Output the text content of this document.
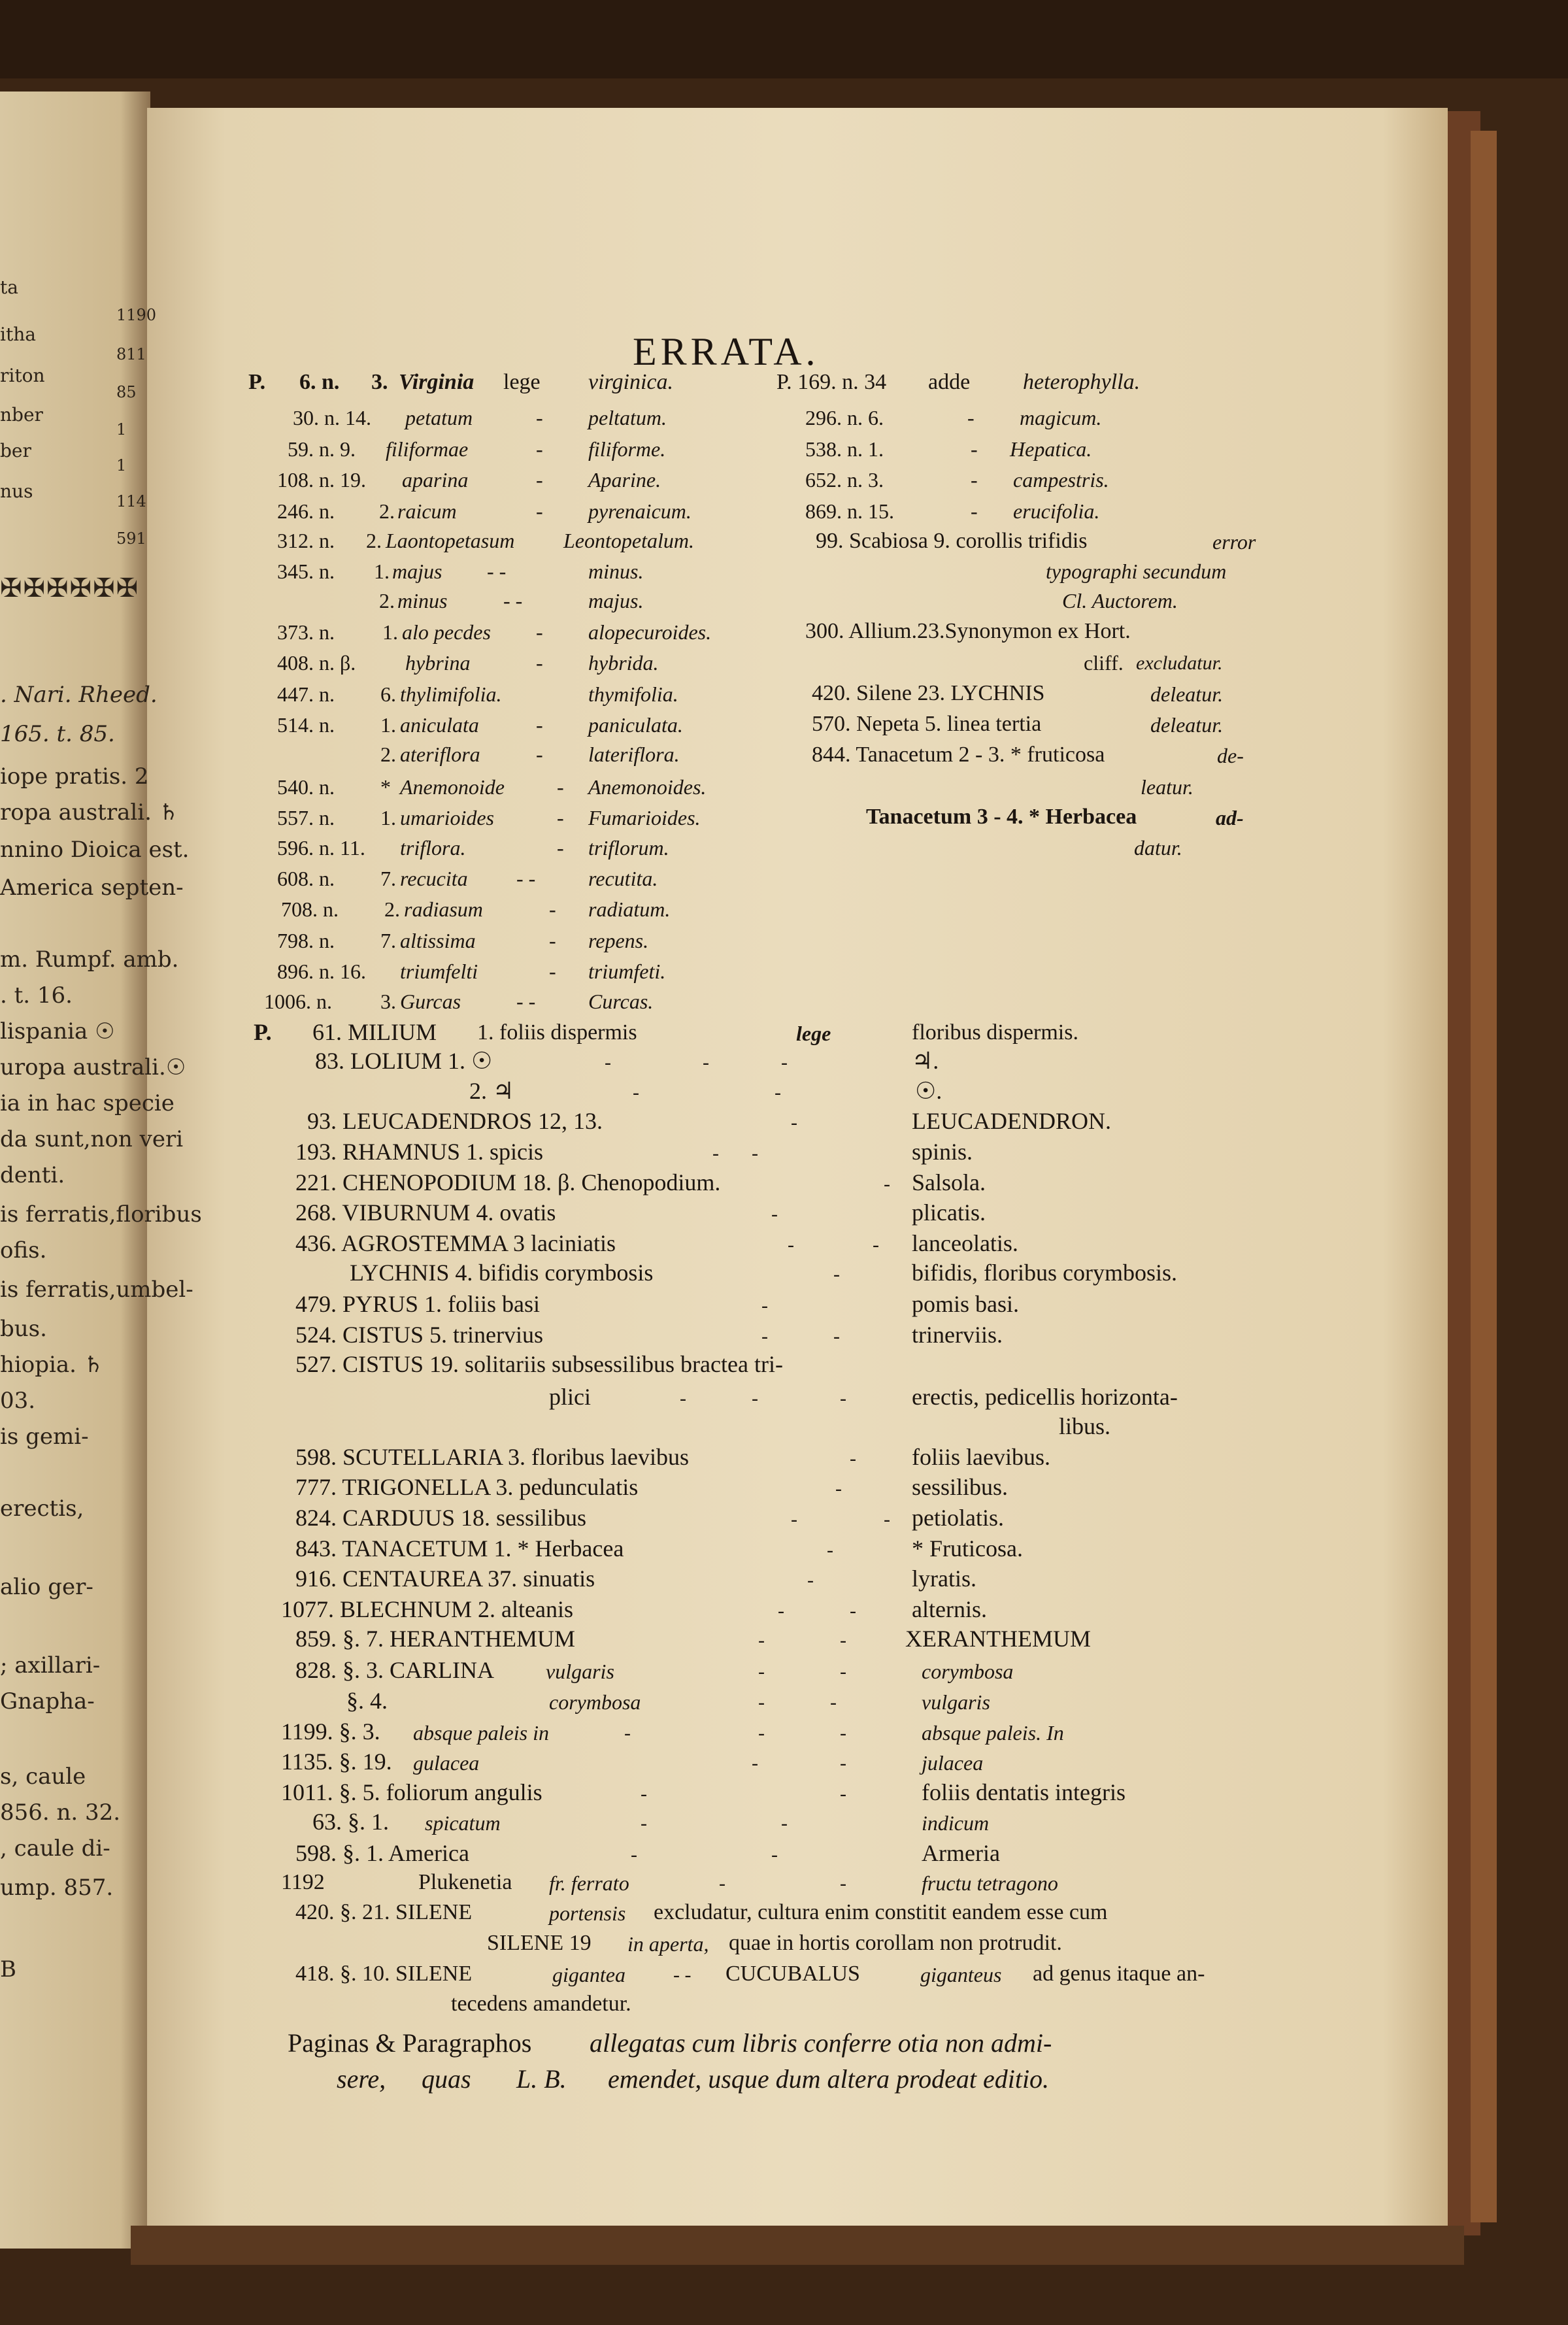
ta
itha
riton
nber
ber
nus
1190
811
85
1
1
114
591
✠✠✠✠✠✠
. Nari. Rheed.
165. t. 85.
iope pratis. 2
ropa australi. ♄
nnino Dioica est.
America septen-
m. Rumpf. amb.
. t. 16.
lispania ☉
uropa australi.☉
ia in hac specie
da sunt,non veri
denti.
is ferratis,floribus
ofis.
is ferratis,umbel-
bus.
hiopia. ♄
03.
is gemi-
erectis,
alio ger-
; axillari-
Gnapha-
s, caule
856. n. 32.
, caule di-
ump. 857.
B
ERRATA.
P. 6. n. 3. Virginia lege virginica.
30. n. 14. petatum	- peltatum.
59. n. 9. filiformae	- filiforme.
108. n. 19. aparina	- Aparine.
246. n. 2. raicum	- pyrenaicum.
312. n. 2. Laontopetasum Leontopetalum.
345. n. 1. majus - -	minus.
2. minus	- -	majus.
373. n. 1. alo pecdes - alopecuroides.
408. n. β. hybrina	- hybrida.
447. n. 6. thylimifolia.	thymifolia.
514. n. 1. aniculata	- paniculata.
2. ateriflora	- lateriflora.
540. n. * Anemonoide	- Anemonoides.
557. n. 1. umarioides	- Fumarioides.
596. n. 11. triflora.	- triflorum.
608. n. 7. recucita - -	recutita.
708. n. 2. radiasum	- radiatum.
798. n. 7. altissima	- repens.
896. n. 16. triumfelti	- triumfeti.
1006. n. 3. Gurcas	- -	Curcas.
P. 169. n. 34 adde heterophylla.
296. n. 6.	- magicum.
538. n. 1.	- Hepatica.
652. n. 3.	- campestris.
869. n. 15.	- erucifolia.
99. Scabiosa 9. corollis trifidis	error
typographi secundum
Cl. Auctorem.
300. Allium.23.Synonymon ex Hort.
cliff. excludatur.
420. Silene 23. LYCHNIS	deleatur.
570. Nepeta 5. linea tertia	deleatur.
844. Tanacetum 2 - 3. * fruticosa	de-
leatur.
Tanacetum 3 - 4. * Herbacea	ad-
datur.
P. 61. MILIUM 1. foliis dispermis	lege	floribus dispermis.
83. LOLIUM 1. ☉	-	-	-	♃.
2. ♃	-	-	☉.
93. LEUCADENDROS 12, 13.	-	LEUCADENDRON.
193. RHAMNUS 1. spicis	- -	spinis.
221. CHENOPODIUM 18. β. Chenopodium.	- Salsola.
268. VIBURNUM 4. ovatis	-	plicatis.
436. AGROSTEMMA 3 laciniatis	-	- lanceolatis.
LYCHNIS 4. bifidis corymbosis	-	bifidis, floribus corymbosis.
479. PYRUS 1. foliis basi	-	pomis basi.
524. CISTUS 5. trinervius	-	-	trinerviis.
527. CISTUS 19. solitariis subsessilibus bractea tri-
plici	-	-	-	erectis, pedicellis horizonta-
libus.
598. SCUTELLARIA 3. floribus laevibus	- foliis laevibus.
777. TRIGONELLA 3. pedunculatis	-	sessilibus.
824. CARDUUS 18. sessilibus	-	- petiolatis.
843. TANACETUM 1. * Herbacea	-	* Fruticosa.
916. CENTAUREA 37. sinuatis	-	lyratis.
1077. BLECHNUM 2. alteanis	-	- alternis.
859. §. 7. HERANTHEMUM	-	-	XERANTHEMUM
828. §. 3. CARLINA vulgaris	-	-	corymbosa
§. 4.	corymbosa	-	-	vulgaris
1199. §. 3. absque paleis in	-	-	-	absque paleis. In
1135. §. 19. gulacea	-	-	julacea
1011. §. 5. foliorum angulis	-	-	foliis dentatis integris
63. §. 1. spicatum	-	-	indicum
598. §. 1. America	-	-	Armeria
1192	Plukenetia fr. ferrato	-	-	fructu tetragono
420. §. 21. SILENE	portensis excludatur, cultura enim constitit eandem esse cum
SILENE 19 in aperta, quae in hortis corollam non protrudit.
418. §. 10. SILENE	gigantea - - CUCUBALUS	giganteus ad genus itaque an-
tecedens amandetur.
Paginas & Paragraphos allegatas cum libris conferre otia non admi-
sere, quas L. B. emendet, usque dum altera prodeat editio.
